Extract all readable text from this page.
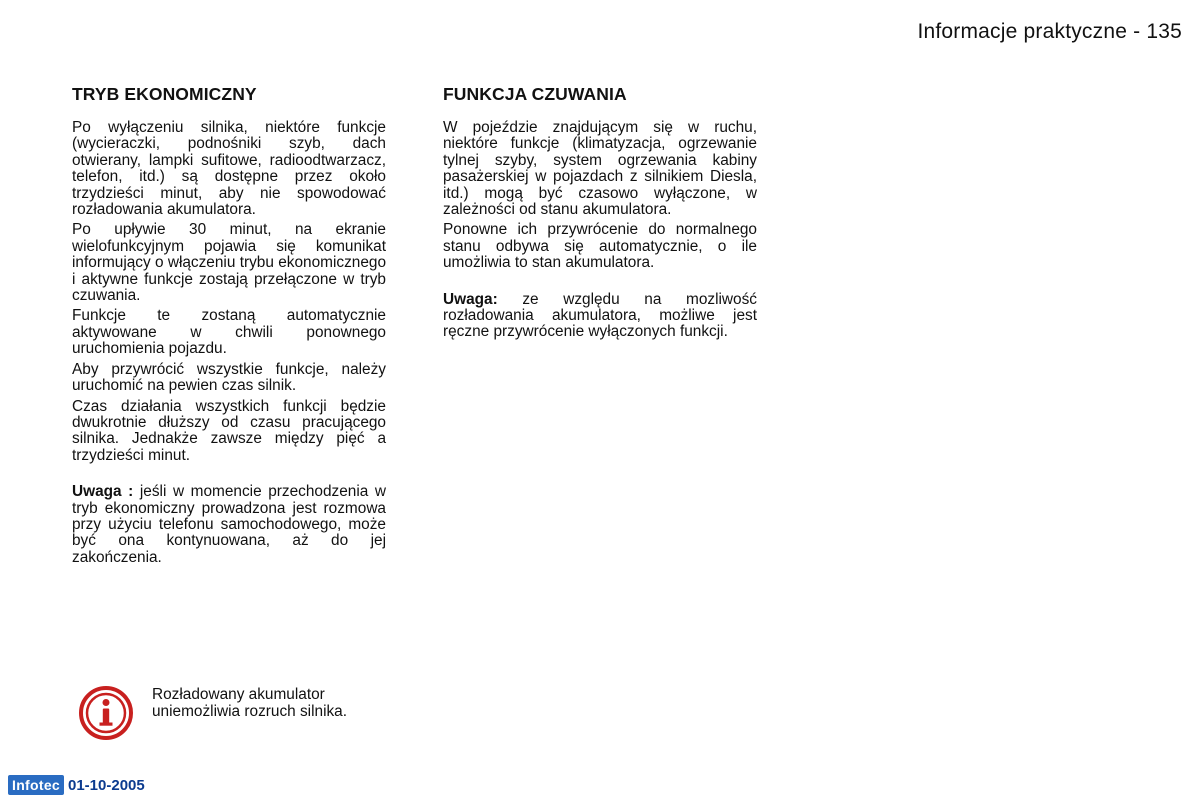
Informacje praktyczne - 135
TRYB EKONOMICZNY

Po wyłączeniu silnika, niektóre funkcje (wycieraczki, podnośniki szyb, dach otwierany, lampki sufitowe, radioodtwarzacz, telefon, itd.) są dostępne przez około trzydzieści minut, aby nie spowodować rozładowania akumulatora.

Po upływie 30 minut, na ekranie wielofunkcyjnym pojawia się komunikat informujący o włączeniu trybu ekonomicznego i aktywne funkcje zostają przełączone w tryb czuwania.

Funkcje te zostaną automatycznie aktywowane w chwili ponownego uruchomienia pojazdu.

Aby przywrócić wszystkie funkcje, należy uruchomić na pewien czas silnik.

Czas działania wszystkich funkcji będzie dwukrotnie dłuższy od czasu pracującego silnika. Jednakże zawsze między pięć a trzydzieści minut.

Uwaga : jeśli w momencie przechodzenia w tryb ekonomiczny prowadzona jest rozmowa przy użyciu telefonu samochodowego, może być ona kontynuowana, aż do jej zakończenia.

FUNKCJA CZUWANIA

W pojeździe znajdującym się w ruchu, niektóre funkcje (klimatyzacja, ogrzewanie tylnej szyby, system ogrzewania kabiny pasażerskiej w pojazdach z silnikiem Diesla, itd.) mogą być czasowo wyłączone, w zależności od stanu akumulatora.

Ponowne ich przywrócenie do normalnego stanu odbywa się automatycznie, o ile umożliwia to stan akumulatora.

Uwaga: ze względu na mozliwość rozładowania akumulatora, możliwe jest ręczne przywrócenie wyłączonych funkcji.

Rozładowany akumulator
uniemożliwia rozruch silnika.
Infotec 01-10-2005
